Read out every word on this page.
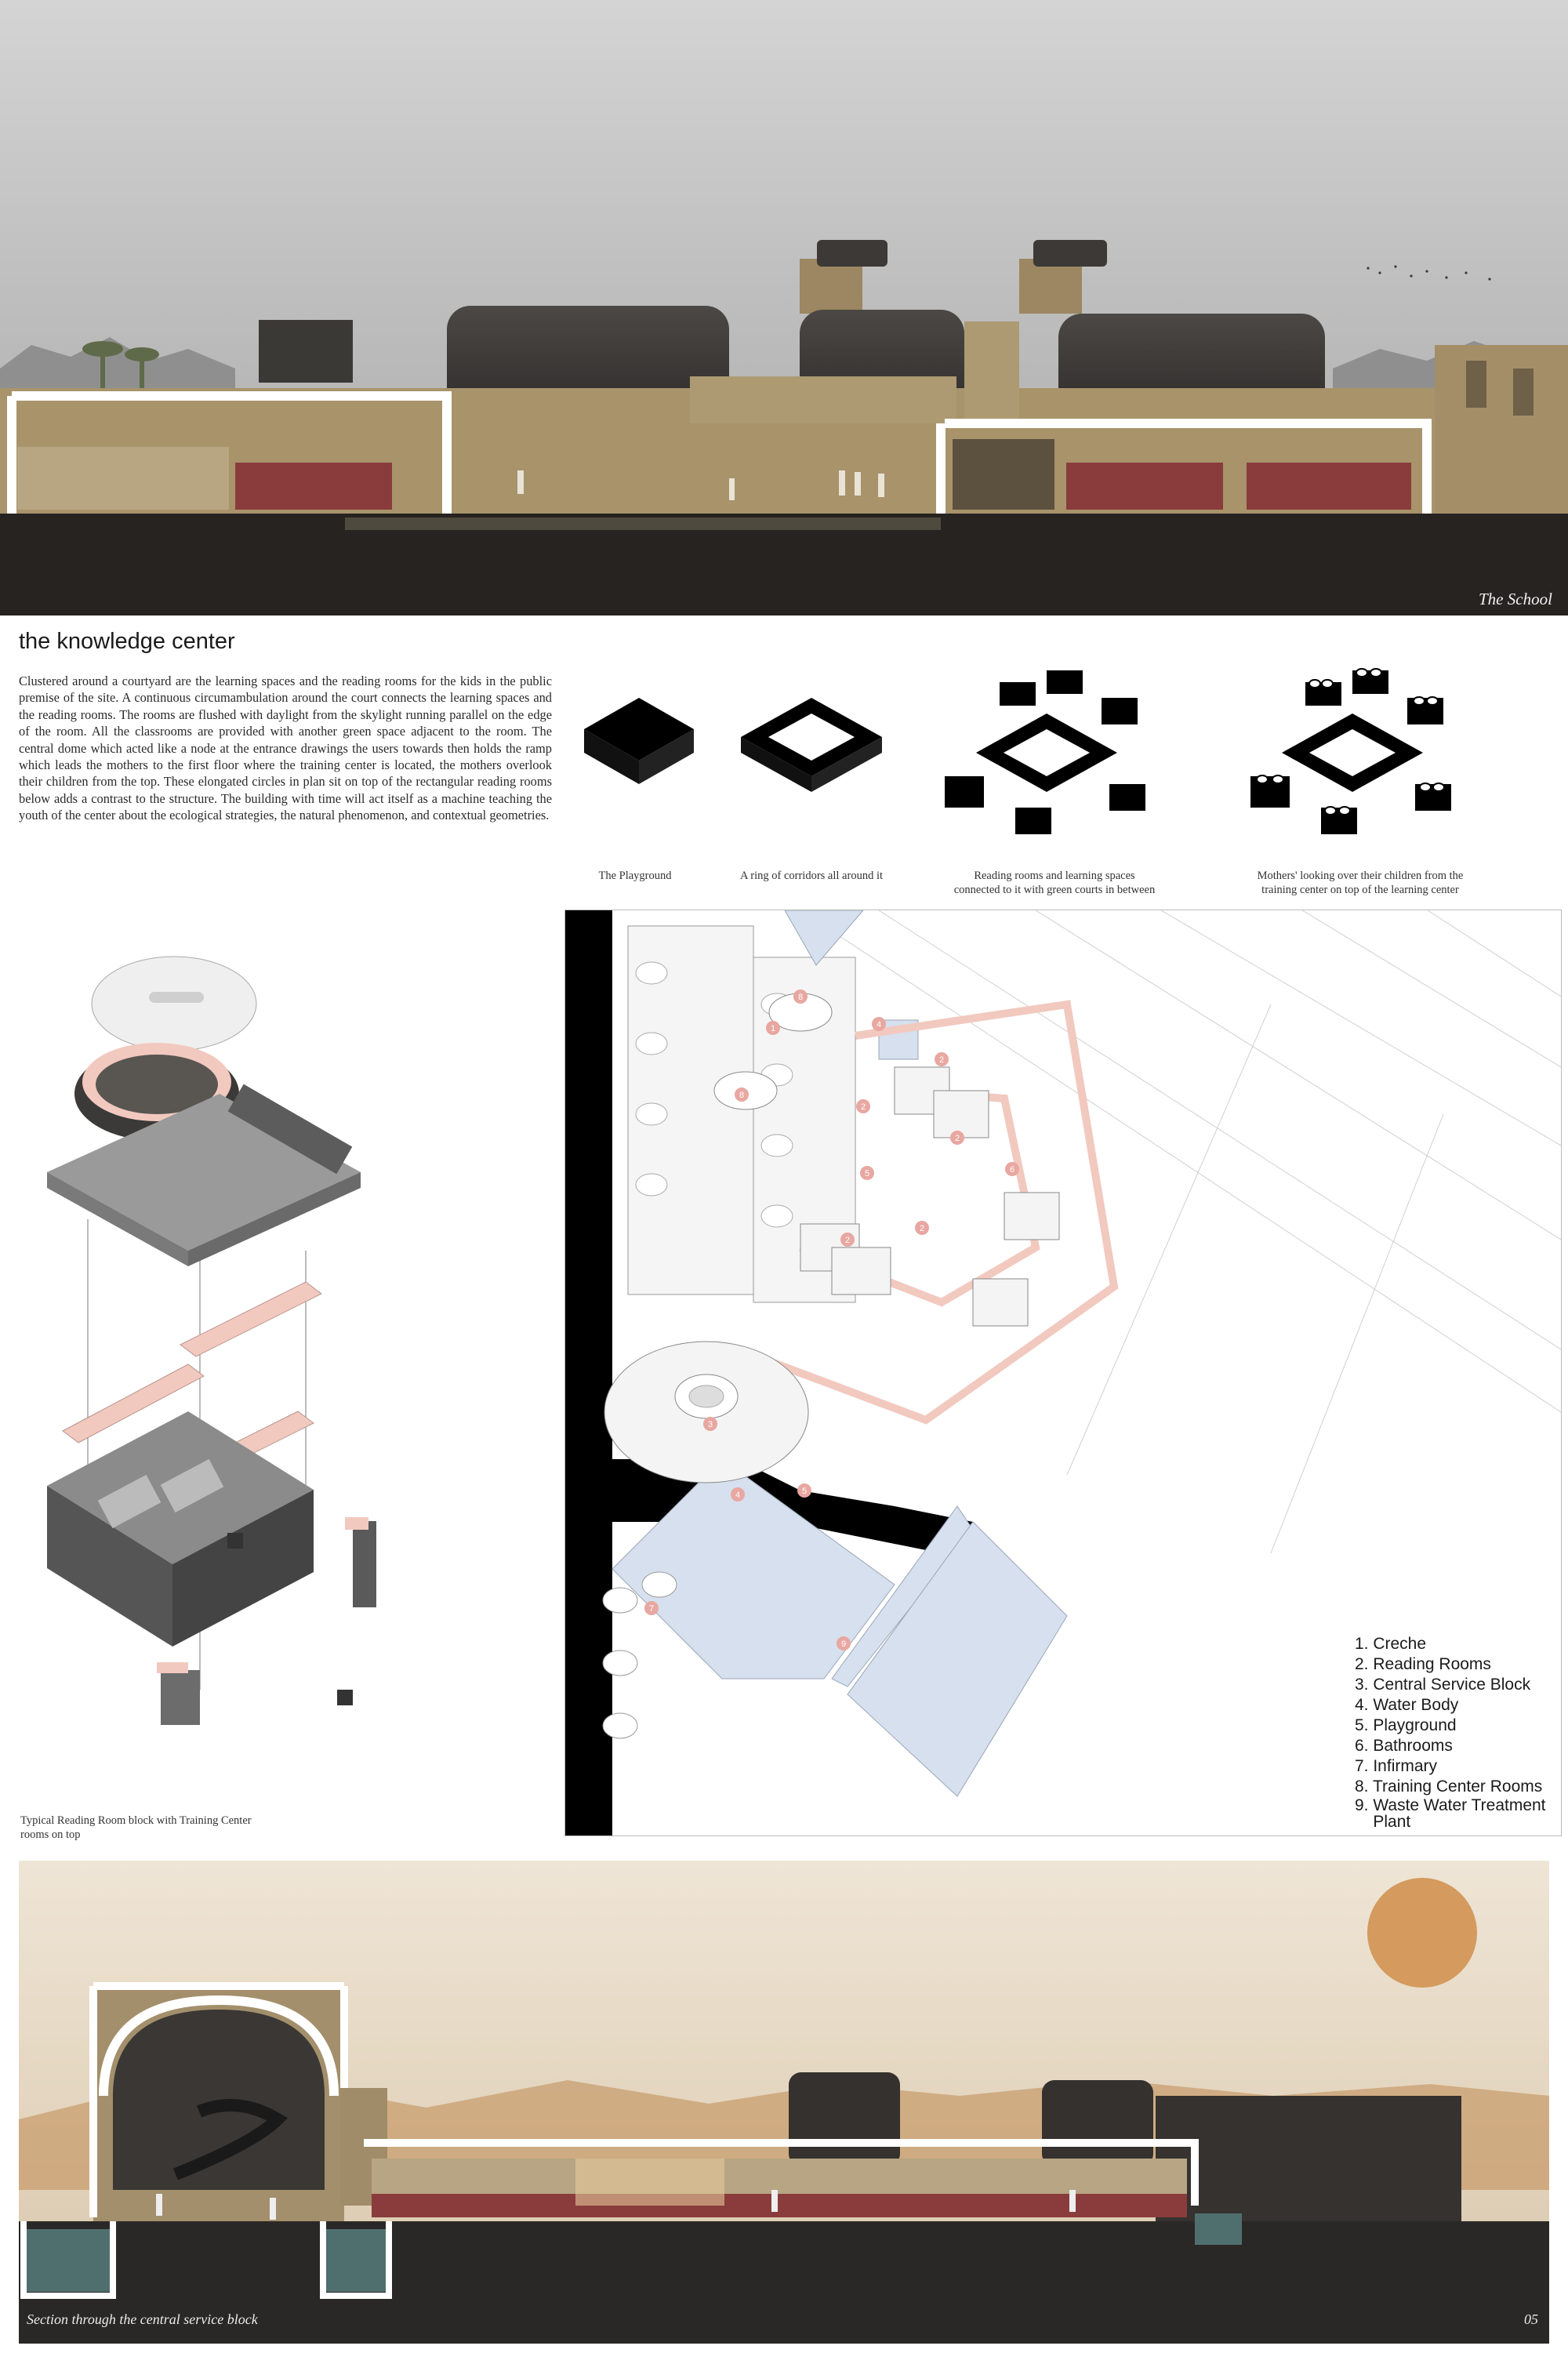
The School
the knowledge center
Clustered around a courtyard are the learning spaces and the reading rooms for the kids in the public premise of the site. A continuous circumambulation around the court connects the learning spaces and the reading rooms. The rooms are flushed with daylight from the skylight running parallel on the edge of the room. All the classrooms are provided with another green space adjacent to the room. The central dome which acted like a node at the entrance drawings the users towards then holds the ramp which leads the mothers to the first floor where the training center is located, the mothers overlook their children from the top. These elongated circles in plan sit on top of the rectangular reading rooms below adds a contrast to the structure. The building with time will act itself as a machine teaching the youth of the center about the ecological strategies, the natural phenomenon, and contextual geometries.
The Playground	A ring of corridors all around it	Reading rooms and learning spaces connected to it with green courts in between
Mothers' looking over their children from the training center on top of the learning center
Typical Reading Room block with Training Center rooms on top
8
1
8
4
2
2
5	6
2
2
2
3
4	5
7
9	1. Creche
2. Reading Rooms
3. Central Service Block
4. Water Body
5. Playground
6. Bathrooms
7. Infirmary
8. Training Center Rooms
9. Waste Water Treatment
Plant
Section through the central service block	05
